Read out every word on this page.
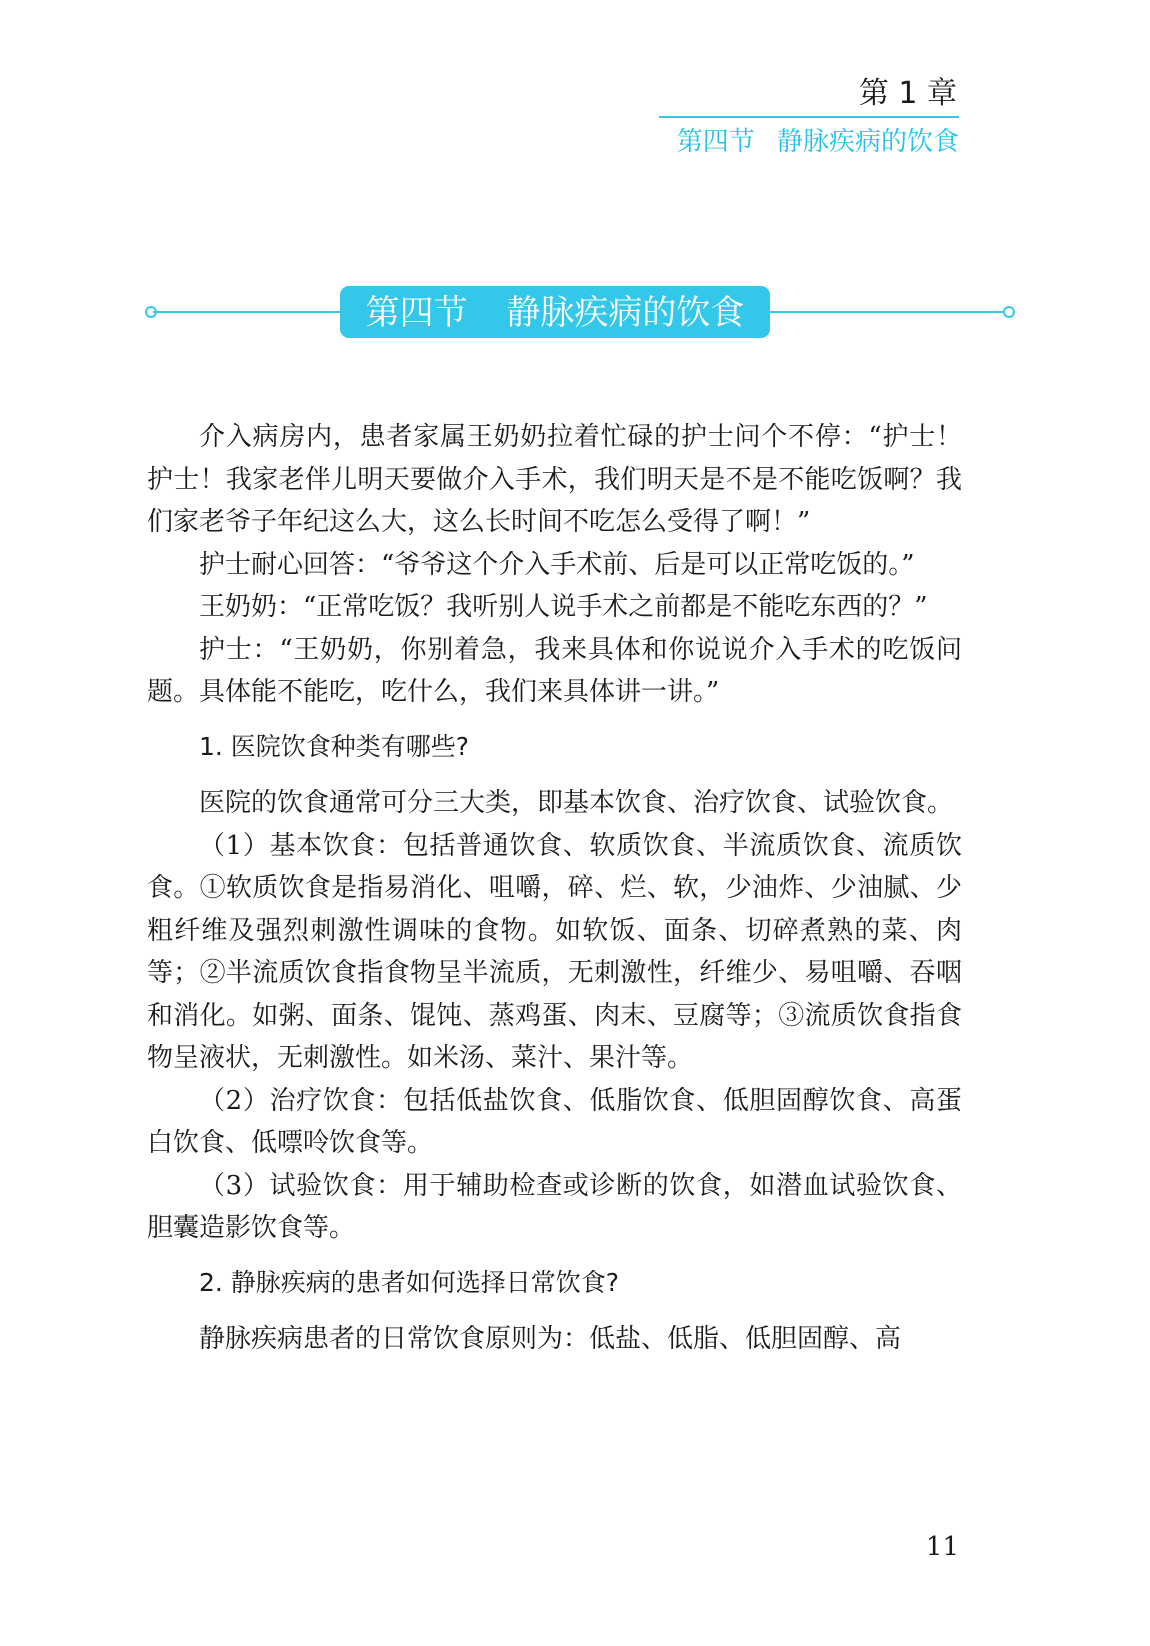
第 1 章
第四节 静脉疾病的饮食
第四节 静脉疾病的饮食

介入病房内，患者家属王奶奶拉着忙碌的护士问个不停：“护士！护士！我家老伴儿明天要做介入手术，我们明天是不是不能吃饭啊？我们家老爷子年纪这么大，这么长时间不吃怎么受得了啊！”

护士耐心回答：“爷爷这个介入手术前、后是可以正常吃饭的。”

王奶奶：“正常吃饭？我听别人说手术之前都是不能吃东西的？”

护士：“王奶奶，你别着急，我来具体和你说说介入手术的吃饭问题。具体能不能吃，吃什么，我们来具体讲一讲。”

1. 医院饮食种类有哪些?

医院的饮食通常可分三大类，即基本饮食、治疗饮食、试验饮食。

（1）基本饮食：包括普通饮食、软质饮食、半流质饮食、流质饮食。①软质饮食是指易消化、咀嚼，碎、烂、软，少油炸、少油腻、少粗纤维及强烈刺激性调味的食物。如软饭、面条、切碎煮熟的菜、肉等；②半流质饮食指食物呈半流质，无刺激性，纤维少、易咀嚼、吞咽和消化。如粥、面条、馄饨、蒸鸡蛋、肉末、豆腐等；③流质饮食指食物呈液状，无刺激性。如米汤、菜汁、果汁等。

（2）治疗饮食：包括低盐饮食、低脂饮食、低胆固醇饮食、高蛋白饮食、低嘌呤饮食等。

（3）试验饮食：用于辅助检查或诊断的饮食，如潜血试验饮食、胆囊造影饮食等。

2. 静脉疾病的患者如何选择日常饮食?

静脉疾病患者的日常饮食原则为：低盐、低脂、低胆固醇、高

11
